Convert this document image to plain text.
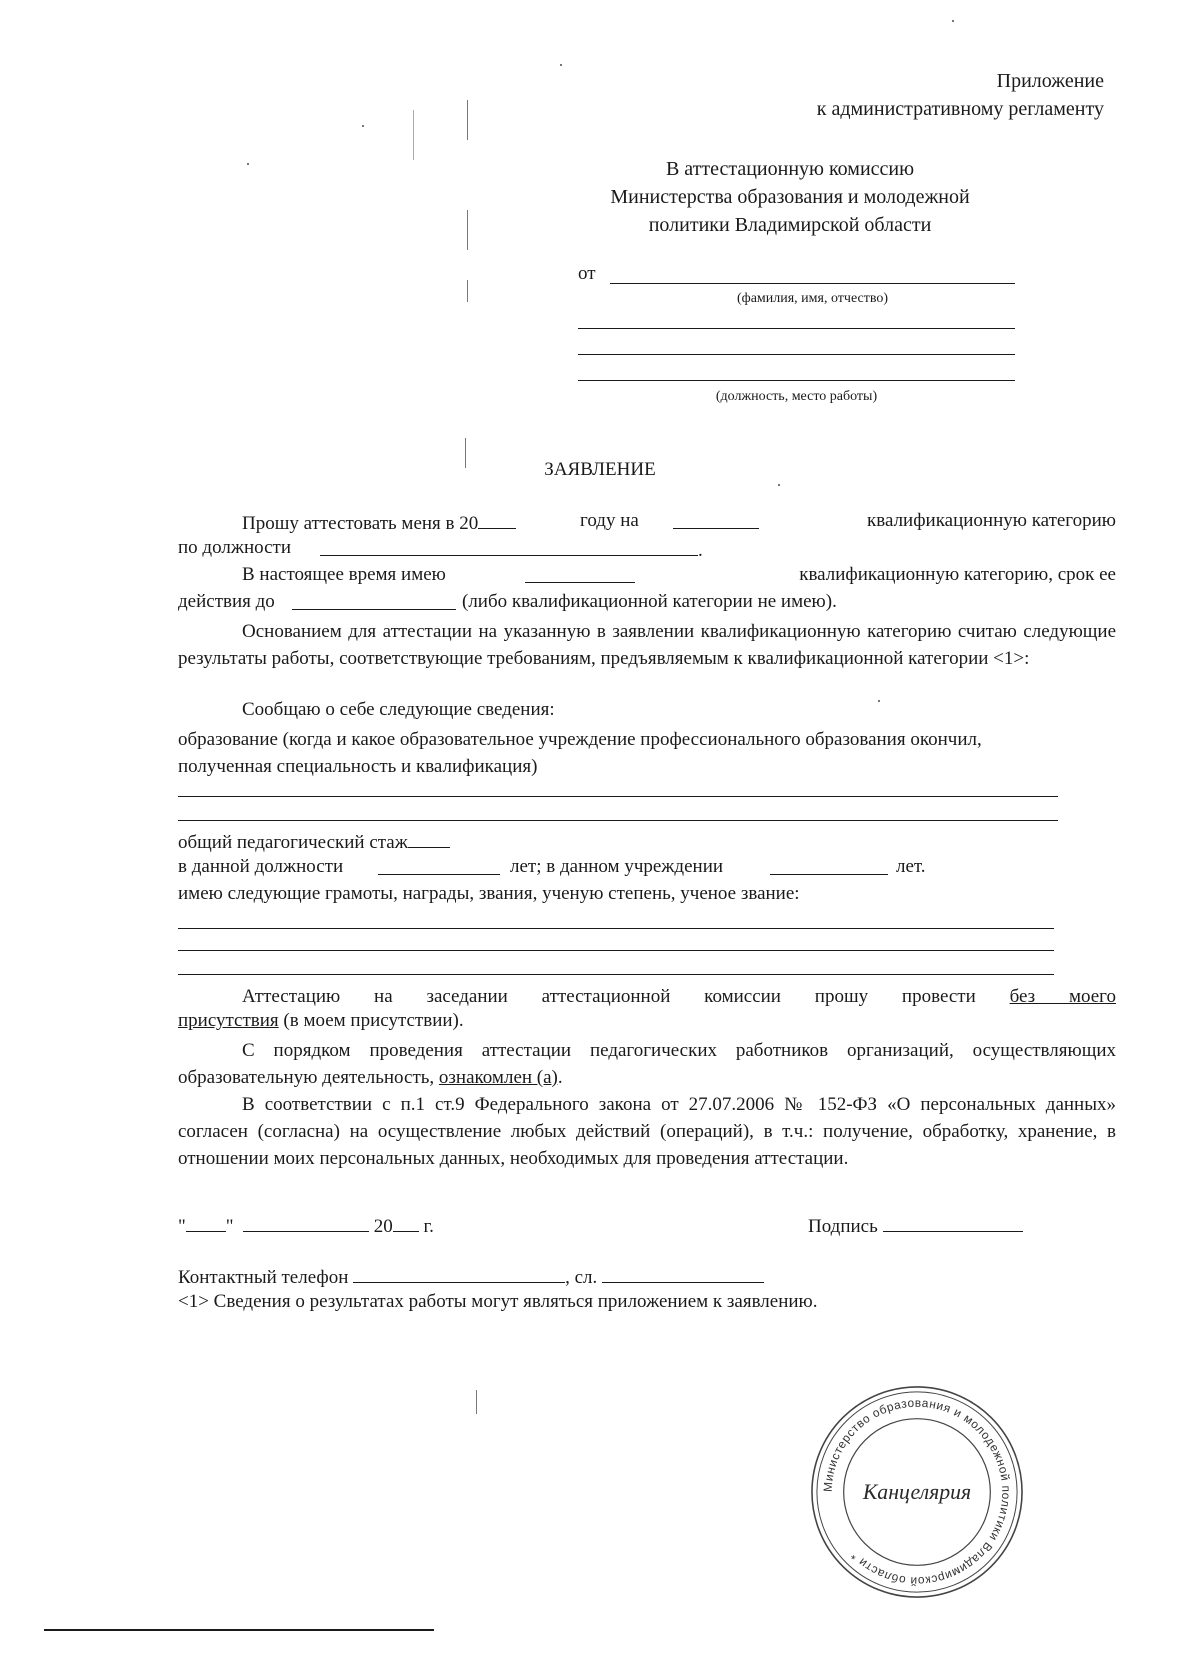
Приложение
к административному регламенту
В аттестационную комиссию
Министерства образования и молодежной
политики Владимирской области
от
(фамилия, имя, отчество)
(должность, место работы)
ЗАЯВЛЕНИЕ
Прошу аттестовать меня в 20	году на	квалификационную категорию
по должности	.
В настоящее время имею	квалификационную категорию, срок ее
действия до	(либо квалификационной категории не имею).
Основанием для аттестации на указанную в заявлении квалификационную категорию считаю следующие результаты работы, соответствующие требованиям, предъявляемым к квалификационной категории <1>:
Сообщаю о себе следующие сведения:
образование (когда и какое образовательное учреждение профессионального образования окончил, полученная специальность и квалификация)
общий педагогический стаж
в данной должности	лет; в данном учреждении	лет.
имею следующие грамоты, награды, звания, ученую степень, ученое звание:
Аттестацию на заседании аттестационной комиссии прошу провести без моего
присутствия (в моем присутствии).
С порядком проведения аттестации педагогических работников организаций, осуществляющих образовательную деятельность, ознакомлен (а).
В соответствии с п.1 ст.9 Федерального закона от 27.07.2006 № 152-ФЗ «О персональных данных» согласен (согласна) на осуществление любых действий (операций), в т.ч.: получение, обработку, хранение, в отношении моих персональных данных, необходимых для проведения аттестации.
" "	20 г.	Подпись
Контактный телефон	, сл.
<1> Сведения о результатах работы могут являться приложением к заявлению.
Министерство образования и молодежной политики Владимирской области *
Канцелярия
